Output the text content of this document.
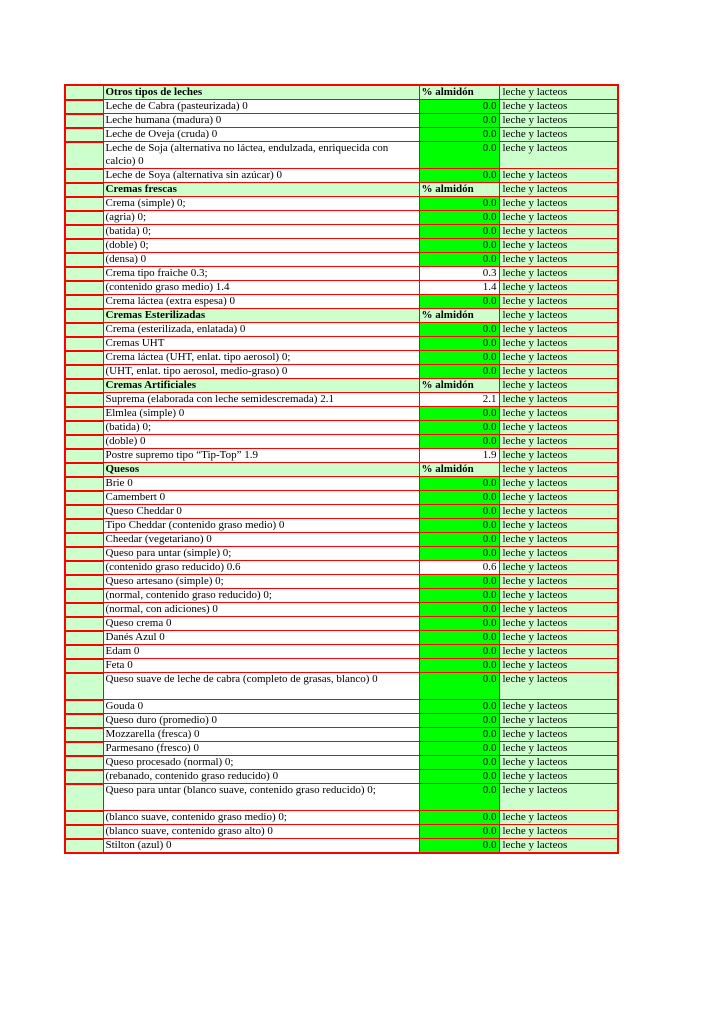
	Otros tipos de leches	% almidón	leche y lacteos
	Leche de Cabra (pasteurizada) 0	0.0	leche y lacteos
	Leche humana (madura) 0	0.0	leche y lacteos
	Leche de Oveja (cruda) 0	0.0	leche y lacteos
	Leche de Soja (alternativa no láctea, endulzada, enriquecida con calcio) 0	0.0	leche y lacteos
	Leche de Soya (alternativa sin azúcar) 0	0.0	leche y lacteos
	Cremas frescas	% almidón	leche y lacteos
	Crema (simple) 0;	0.0	leche y lacteos
	(agria) 0;	0.0	leche y lacteos
	(batida) 0;	0.0	leche y lacteos
	(doble) 0;	0.0	leche y lacteos
	(densa) 0	0.0	leche y lacteos
	Crema tipo fraiche 0.3;	0.3	leche y lacteos
	(contenido graso medio) 1.4	1.4	leche y lacteos
	Crema láctea (extra espesa) 0	0.0	leche y lacteos
	Cremas Esterilizadas	% almidón	leche y lacteos
	Crema (esterilizada, enlatada) 0	0.0	leche y lacteos
	Cremas UHT	0.0	leche y lacteos
	Crema láctea (UHT, enlat. tipo aerosol) 0;	0.0	leche y lacteos
	(UHT, enlat. tipo aerosol, medio-graso) 0	0.0	leche y lacteos
	Cremas Artificiales	% almidón	leche y lacteos
	Suprema (elaborada con leche semidescremada) 2.1	2.1	leche y lacteos
	Elmlea (simple) 0	0.0	leche y lacteos
	(batida) 0;	0.0	leche y lacteos
	(doble) 0	0.0	leche y lacteos
	Postre supremo tipo “Tip-Top” 1.9	1.9	leche y lacteos
	Quesos	% almidón	leche y lacteos
	Brie 0	0.0	leche y lacteos
	Camembert 0	0.0	leche y lacteos
	Queso Cheddar 0	0.0	leche y lacteos
	Tipo Cheddar (contenido graso medio) 0	0.0	leche y lacteos
	Cheedar (vegetariano) 0	0.0	leche y lacteos
	Queso para untar (simple) 0;	0.0	leche y lacteos
	(contenido graso reducido) 0.6	0.6	leche y lacteos
	Queso artesano (simple) 0;	0.0	leche y lacteos
	(normal, contenido graso reducido) 0;	0.0	leche y lacteos
	(normal, con adiciones) 0	0.0	leche y lacteos
	Queso crema 0	0.0	leche y lacteos
	Danés Azul 0	0.0	leche y lacteos
	Edam 0	0.0	leche y lacteos
	Feta 0	0.0	leche y lacteos
	Queso suave de leche de cabra (completo de grasas, blanco) 0	0.0	leche y lacteos
	Gouda 0	0.0	leche y lacteos
	Queso duro (promedio) 0	0.0	leche y lacteos
	Mozzarella (fresca) 0	0.0	leche y lacteos
	Parmesano (fresco) 0	0.0	leche y lacteos
	Queso procesado (normal) 0;	0.0	leche y lacteos
	(rebanado, contenido graso reducido) 0	0.0	leche y lacteos
	Queso para untar (blanco suave, contenido graso reducido) 0;	0.0	leche y lacteos
	(blanco suave, contenido graso medio) 0;	0.0	leche y lacteos
	(blanco suave, contenido graso alto) 0	0.0	leche y lacteos
	Stilton (azul) 0	0.0	leche y lacteos
